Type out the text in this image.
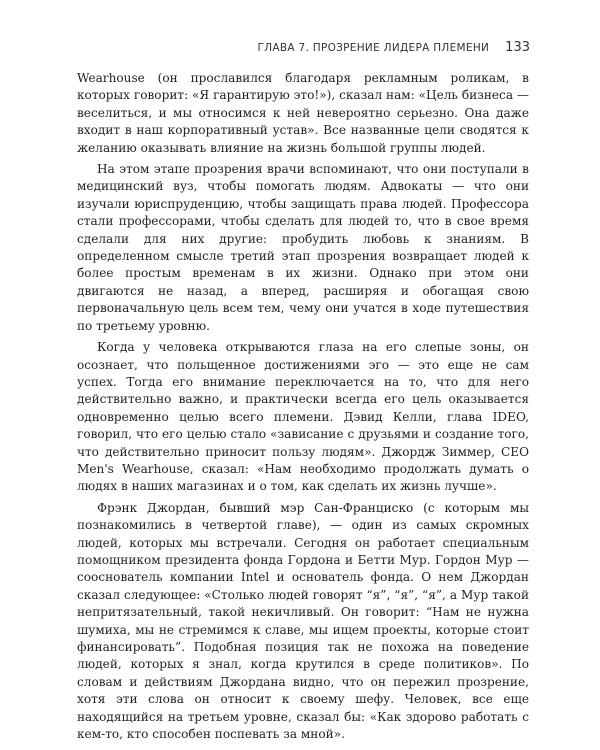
ГЛАВА 7. ПРОЗРЕНИЕ ЛИДЕРА ПЛЕМЕНИ 133

Wearhouse (он прославился благодаря рекламным роликам, в которых говорит: «Я гарантирую это!»), сказал нам: «Цель бизнеса — веселиться, и мы относимся к ней невероятно серьезно. Она даже входит в наш корпоративный устав». Все названные цели сводятся к желанию оказывать влияние на жизнь большой группы людей.

На этом этапе прозрения врачи вспоминают, что они поступали в медицинский вуз, чтобы помогать людям. Адвокаты — что они изучали юриспруденцию, чтобы защищать права людей. Профессора стали профессорами, чтобы сделать для людей то, что в свое время сделали для них другие: пробудить любовь к знаниям. В определенном смысле третий этап прозрения возвращает людей к более простым временам в их жизни. Однако при этом они двигаются не назад, а вперед, расширяя и обогащая свою первоначальную цель всем тем, чему они учатся в ходе путешествия по третьему уровню.

Когда у человека открываются глаза на его слепые зоны, он осознает, что польщенное достижениями эго — это еще не сам успех. Тогда его внимание переключается на то, что для него действительно важно, и практически всегда его цель оказывается одновременно целью всего племени. Дэвид Келли, глава IDEO, говорил, что его целью стало «зависание с друзьями и создание того, что действительно приносит пользу людям». Джордж Зиммер, CEO Men's Wearhouse, сказал: «Нам необходимо продолжать думать о людях в наших магазинах и о том, как сделать их жизнь лучше».

Фрэнк Джордан, бывший мэр Сан-Франциско (с которым мы познакомились в четвертой главе), — один из самых скромных людей, которых мы встречали. Сегодня он работает специальным помощником президента фонда Гордона и Бетти Мур. Гордон Мур — сооснователь компании Intel и основатель фонда. О нем Джордан сказал следующее: «Столько людей говорят “я”, “я”, “я”, а Мур такой непритязательный, такой некичливый. Он говорит: “Нам не нужна шумиха, мы не стремимся к славе, мы ищем проекты, которые стоит финансировать”. Подобная позиция так не похожа на поведение людей, которых я знал, когда крутился в среде политиков». По словам и действиям Джордана видно, что он пережил прозрение, хотя эти слова он относит к своему шефу. Человек, все еще находящийся на третьем уровне, сказал бы: «Как здорово работать с кем-то, кто способен поспевать за мной».
